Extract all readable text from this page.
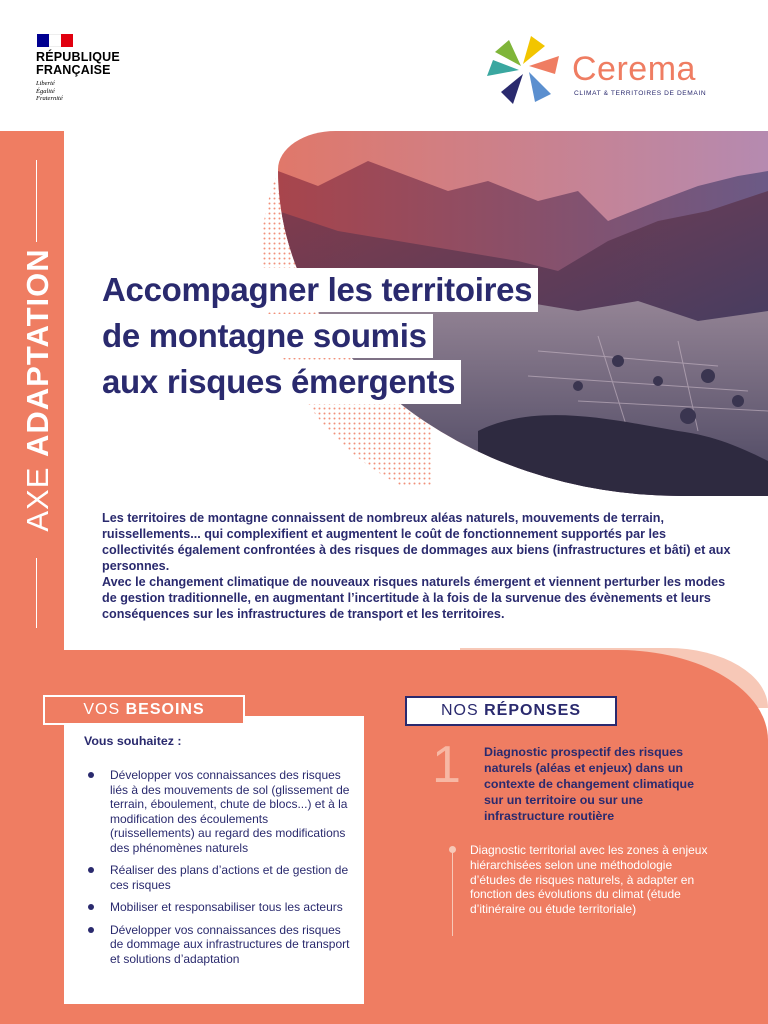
RÉPUBLIQUE
FRANÇAISE
Liberté
Égalité
Fraternité
Cerema
CLIMAT & TERRITOIRES DE DEMAIN
AXE ADAPTATION Accompagner les territoires
de montagne soumis
aux risques émergents

Les territoires de montagne connaissent de nombreux aléas naturels, mouvements de terrain, ruissellements... qui complexifient et augmentent le coût de fonctionnement supportés par les collectivités également confrontées à des risques de dommages aux biens (infrastructures et bâti) et aux personnes.

Avec le changement climatique de nouveaux risques naturels émergent et viennent perturber les modes de gestion traditionnelle, en augmentant l’incertitude à la fois de la survenue des évènements et leurs conséquences sur les infrastructures de transport et les territoires.

VOS BESOINS
Vous souhaitez :
Développer vos connaissances des risques liés à des mouvements de sol (glissement de terrain, éboulement, chute de blocs...) et à la modification des écoulements (ruissellements) au regard des modifications des phénomènes naturels
Réaliser des plans d’actions et de gestion de ces risques
Mobiliser et responsabiliser tous les acteurs
Développer vos connaissances des risques de dommage aux infrastructures de transport et solutions d’adaptation
NOS RÉPONSES
1 Diagnostic prospectif des risques naturels (aléas et enjeux) dans un contexte de changement climatique sur un territoire ou sur une infrastructure routière
Diagnostic territorial avec les zones à enjeux hiérarchisées selon une méthodologie d’études de risques naturels, à adapter en fonction des évolutions du climat (étude d’itinéraire ou étude territoriale)
